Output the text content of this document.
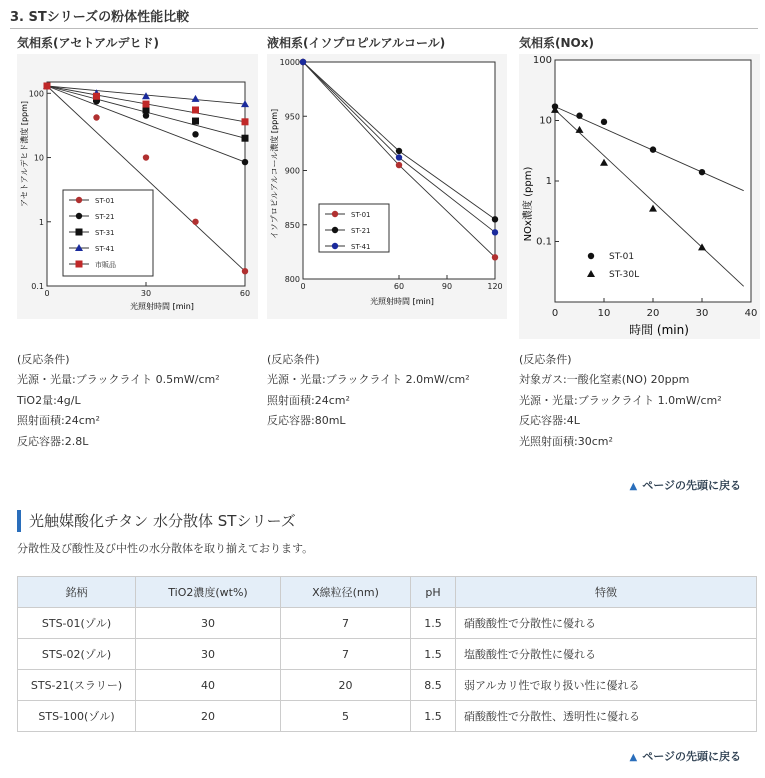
3. STシリーズの粉体性能比較
気相系(アセトアルデヒド)	液相系(イソプロピルアルコール)	気相系(NOx)
アセトアルデヒド濃度 [ppm]
光照射時間 [min]
0	30	60
100
10
1
0.1
ST-01
ST-21
ST-31
ST-41
市販品
イソプロピルアルコール濃度 [ppm]
光照射時間 [min]
0	60	90	120
1000
950
900
850
800
ST-01
ST-21
ST-41
NOx濃度 (ppm)
時間 (min)
0	10	20	30	40
100
10
1
0.1
ST-01
ST-30L
(反応条件)
光源・光量:ブラックライト 0.5mW/cm²
TiO2量:4g/L
照射面積:24cm²
反応容器:2.8L
(反応条件)
光源・光量:ブラックライト 2.0mW/cm²
照射面積:24cm²
反応容器:80mL
(反応条件)
対象ガス:一酸化窒素(NO) 20ppm
光源・光量:ブラックライト 1.0mW/cm²
反応容器:4L
光照射面積:30cm²
▲ ページの先頭に戻る
光触媒酸化チタン 水分散体 STシリーズ
分散性及び酸性及び中性の水分散体を取り揃えております。
銘柄	TiO2濃度(wt%)	X線粒径(nm)	pH	特徴
STS-01(ゾル)	30	7	1.5	硝酸酸性で分散性に優れる
STS-02(ゾル)	30	7	1.5	塩酸酸性で分散性に優れる
STS-21(スラリー)	40	20	8.5	弱アルカリ性で取り扱い性に優れる
STS-100(ゾル)	20	5	1.5	硝酸酸性で分散性、透明性に優れる
▲ ページの先頭に戻る
